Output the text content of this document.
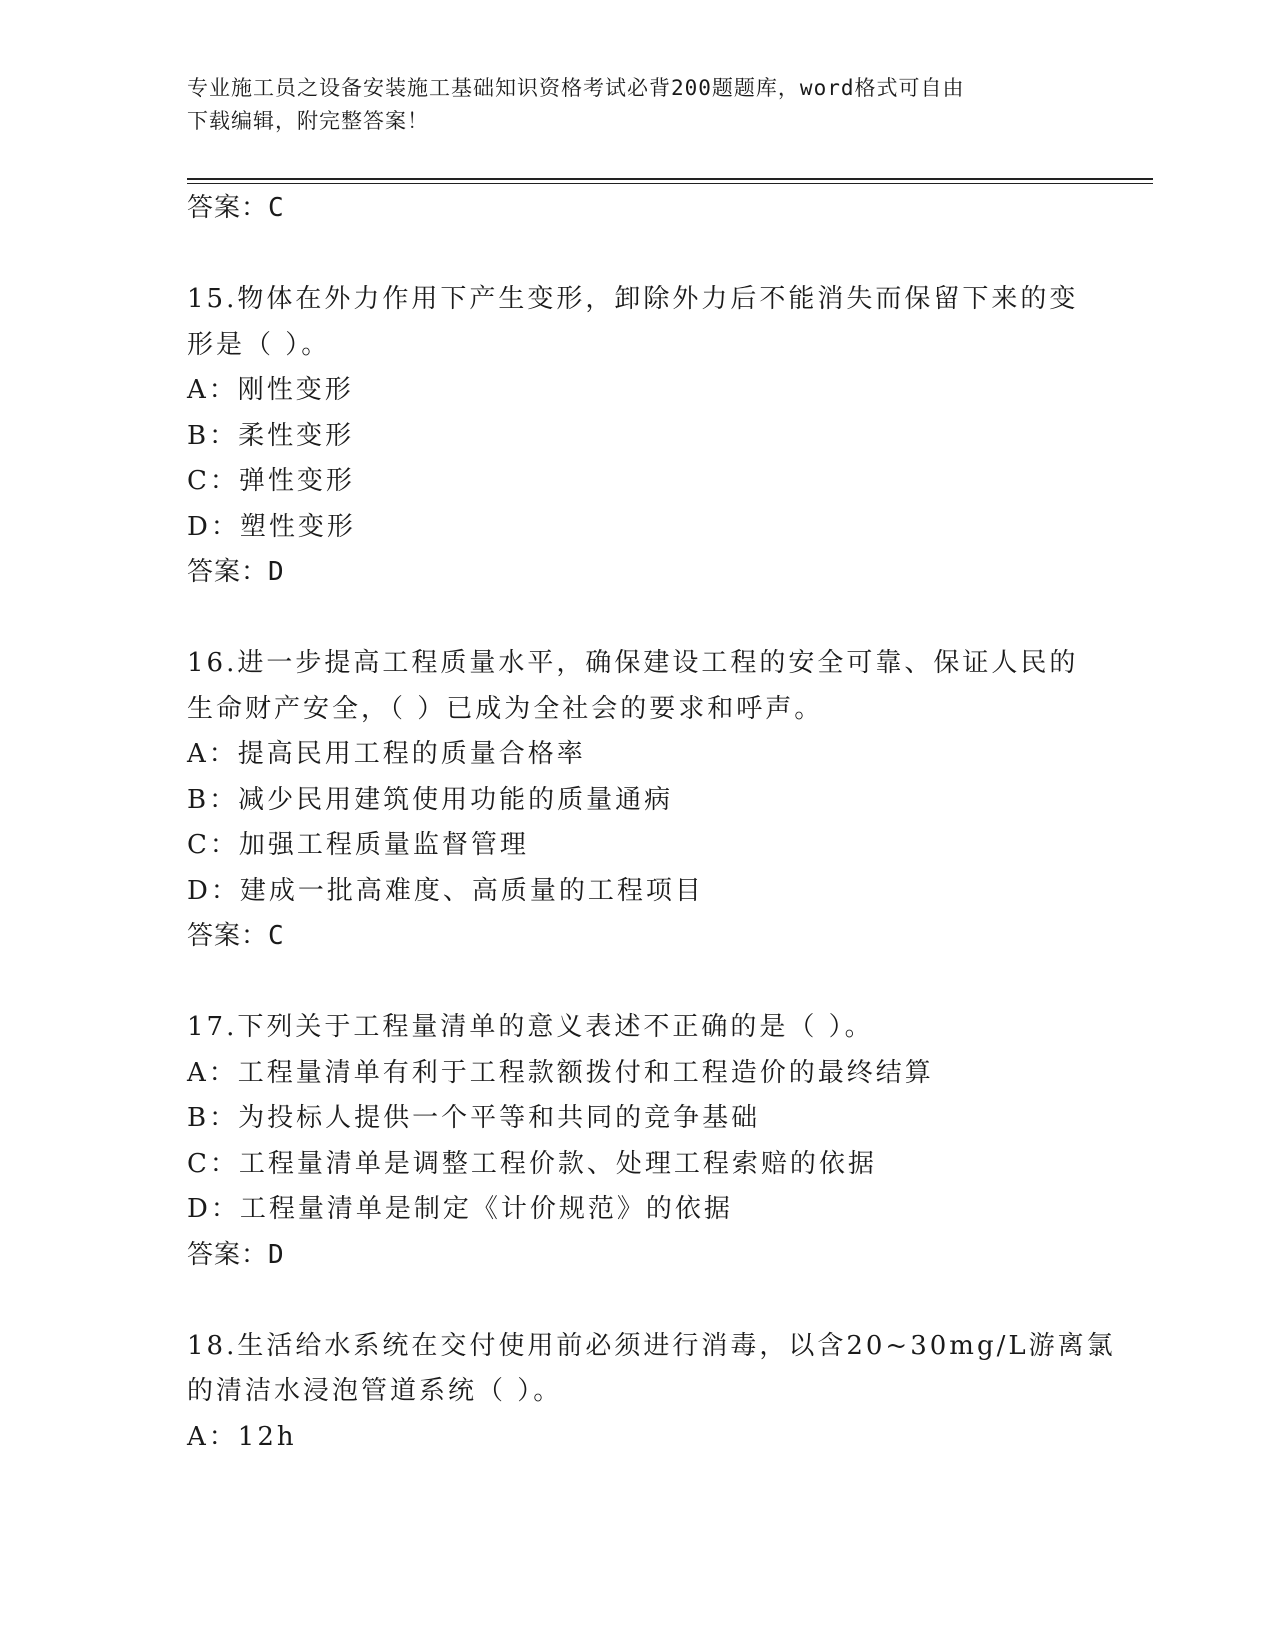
专业施工员之设备安装施工基础知识资格考试必背200题题库，word格式可自由
下载编辑，附完整答案！
答案：C
15.物体在外力作用下产生变形，卸除外力后不能消失而保留下来的变
形是（ ）。
A：刚性变形
B：柔性变形
C：弹性变形
D：塑性变形
答案：D
16.进一步提高工程质量水平，确保建设工程的安全可靠、保证人民的
生命财产安全，（ ）已成为全社会的要求和呼声。
A：提高民用工程的质量合格率
B：减少民用建筑使用功能的质量通病
C：加强工程质量监督管理
D：建成一批高难度、高质量的工程项目
答案：C
17.下列关于工程量清单的意义表述不正确的是（ ）。
A：工程量清单有利于工程款额拨付和工程造价的最终结算
B：为投标人提供一个平等和共同的竞争基础
C：工程量清单是调整工程价款、处理工程索赔的依据
D：工程量清单是制定《计价规范》的依据
答案：D
18.生活给水系统在交付使用前必须进行消毒，以含20~30mg/L游离氯
的清洁水浸泡管道系统（ ）。
A：12h
